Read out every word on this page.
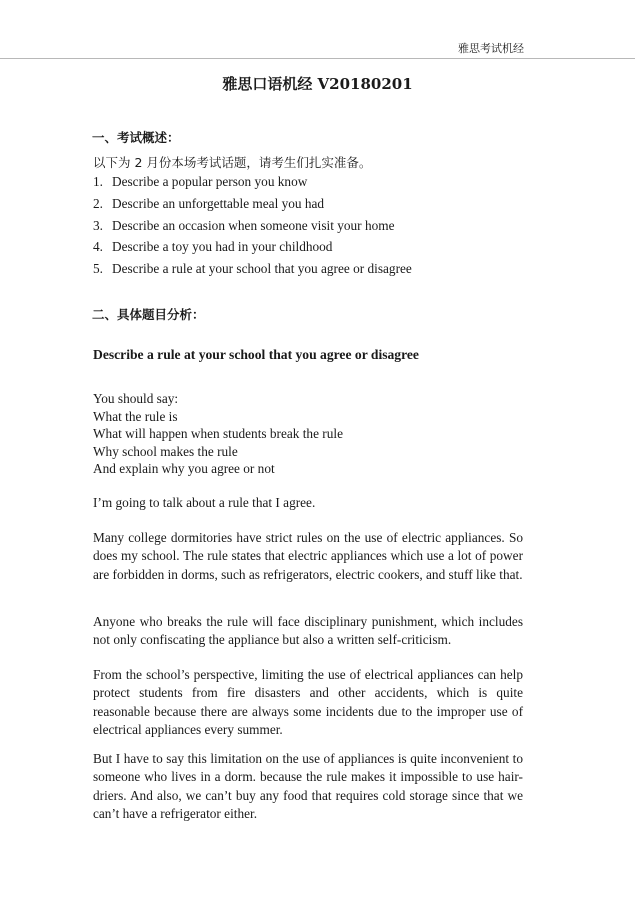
雅思考试机经
雅思口语机经 V20180201
一、考试概述：
以下为 2 月份本场考试话题，请考生们扎实准备。
1. Describe a popular person you know
2. Describe an unforgettable meal you had
3. Describe an occasion when someone visit your home
4. Describe a toy you had in your childhood
5. Describe a rule at your school that you agree or disagree
二、具体题目分析：
Describe a rule at your school that you agree or disagree
You should say:
What the rule is
What will happen when students break the rule
Why school makes the rule
And explain why you agree or not
I’m going to talk about a rule that I agree.
Many college dormitories have strict rules on the use of electric appliances. So does my school. The rule states that electric appliances which use a lot of power are forbidden in dorms, such as refrigerators, electric cookers, and stuff like that.
Anyone who breaks the rule will face disciplinary punishment, which includes not only confiscating the appliance but also a written self-criticism.
From the school’s perspective, limiting the use of electrical appliances can help protect students from fire disasters and other accidents, which is quite reasonable because there are always some incidents due to the improper use of electrical appliances every summer.
But I have to say this limitation on the use of appliances is quite inconvenient to someone who lives in a dorm. because the rule makes it impossible to use hair-driers. And also, we can’t buy any food that requires cold storage since that we can’t have a refrigerator either.
